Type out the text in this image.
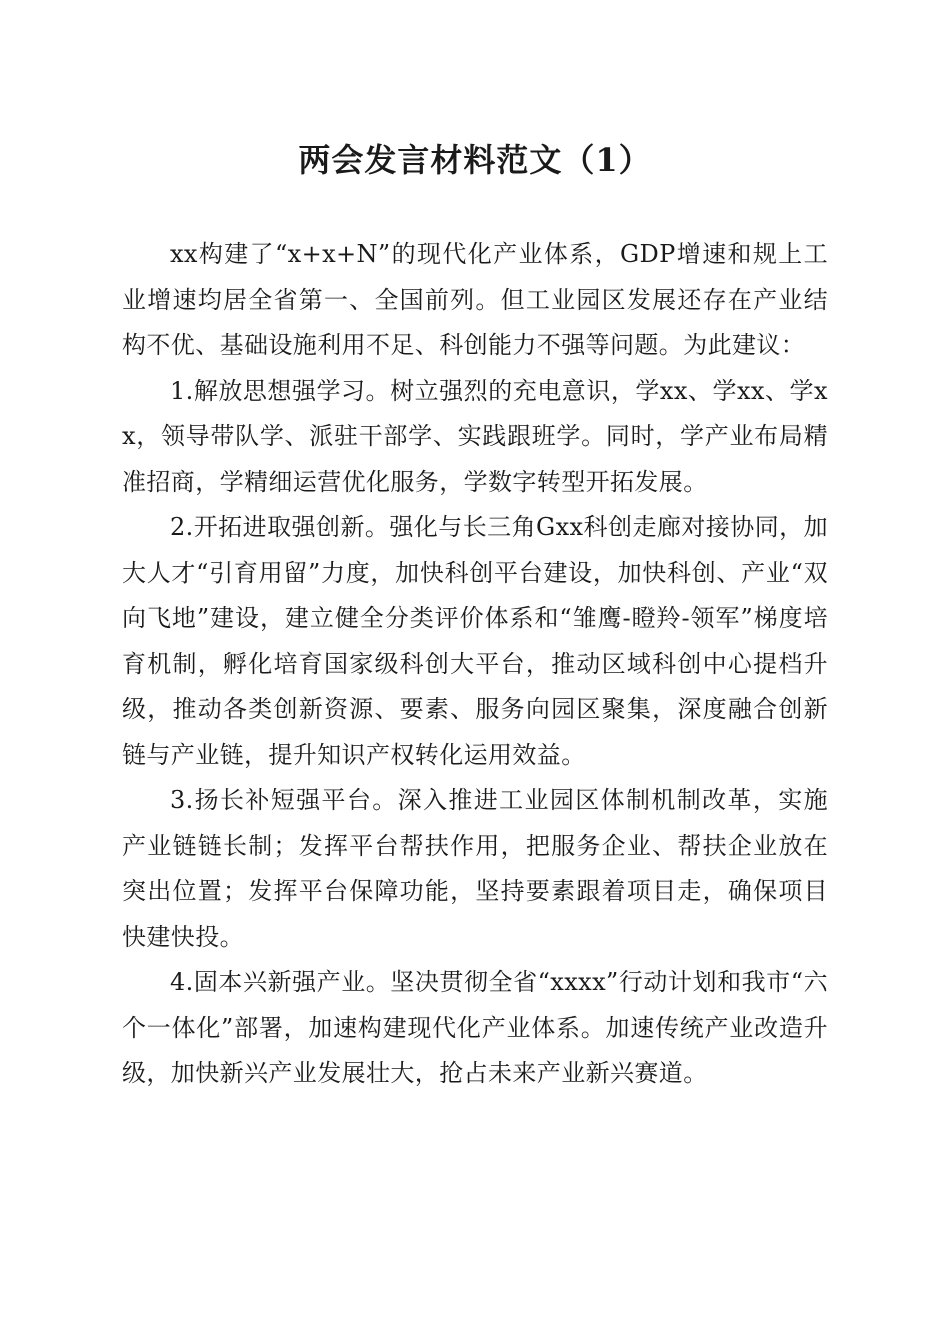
两会发言材料范文（1）

xx构建了“x+x+N”的现代化产业体系，GDP增速和规上工业增速均居全省第一、全国前列。但工业园区发展还存在产业结构不优、基础设施利用不足、科创能力不强等问题。为此建议：

1.解放思想强学习。树立强烈的充电意识，学xx、学xx、学xx，领导带队学、派驻干部学、实践跟班学。同时，学产业布局精准招商，学精细运营优化服务，学数字转型开拓发展。

2.开拓进取强创新。强化与长三角Gxx科创走廊对接协同，加大人才“引育用留”力度，加快科创平台建设，加快科创、产业“双向飞地”建设，建立健全分类评价体系和“雏鹰-瞪羚-领军”梯度培育机制，孵化培育国家级科创大平台，推动区域科创中心提档升级，推动各类创新资源、要素、服务向园区聚集，深度融合创新链与产业链，提升知识产权转化运用效益。

3.扬长补短强平台。深入推进工业园区体制机制改革，实施产业链链长制；发挥平台帮扶作用，把服务企业、帮扶企业放在突出位置；发挥平台保障功能，坚持要素跟着项目走，确保项目快建快投。

4.固本兴新强产业。坚决贯彻全省“xxxx”行动计划和我市“六个一体化”部署，加速构建现代化产业体系。加速传统产业改造升级，加快新兴产业发展壮大，抢占未来产业新兴赛道。
